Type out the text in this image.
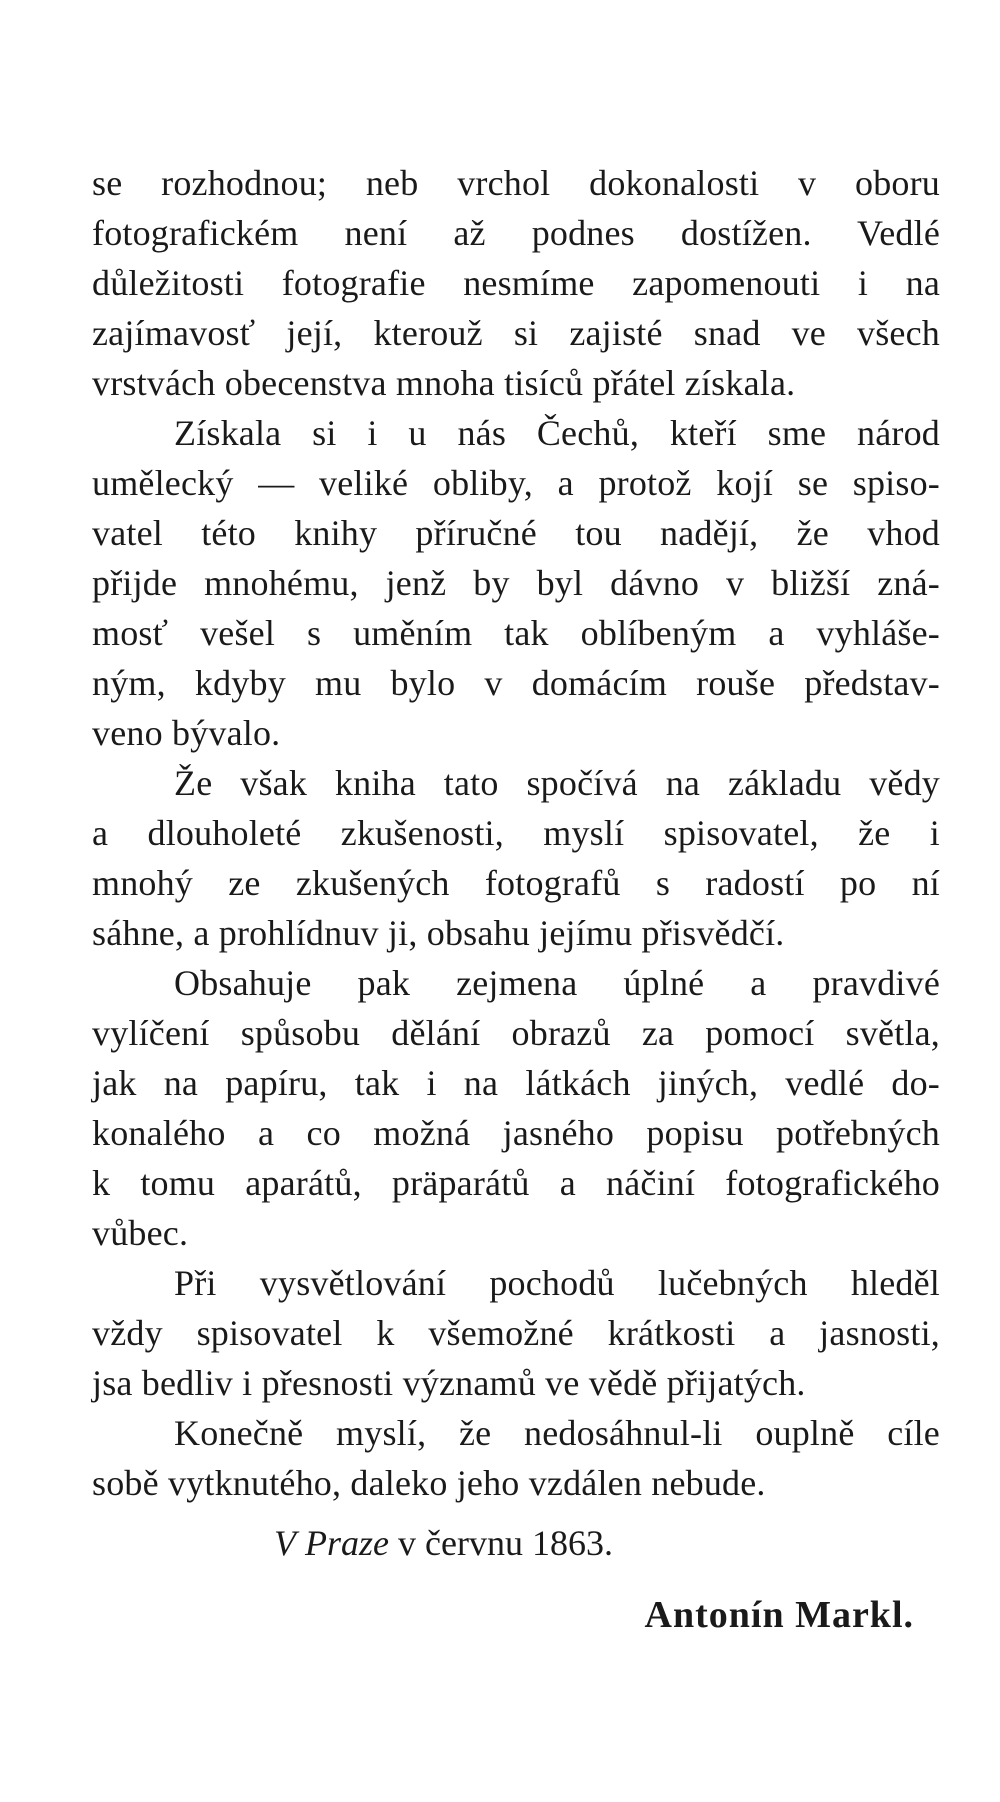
se rozhodnou; neb vrchol dokonalosti v oboru

fotografickém není až podnes dostížen. Vedlé

důležitosti fotografie nesmíme zapomenouti i na

zajímavosť její, kterouž si zajisté snad ve všech

vrstvách obecenstva mnoha tisíců přátel získala.

Získala si i u nás Čechů, kteří sme národ

umělecký — veliké obliby, a protož kojí se spiso-

vatel této knihy příručné tou nadějí, že vhod

přijde mnohému, jenž by byl dávno v bližší zná-

mosť vešel s uměním tak oblíbeným a vyhláše-

ným, kdyby mu bylo v domácím rouše představ-

veno bývalo.

Že však kniha tato spočívá na základu vědy

a dlouholeté zkušenosti, myslí spisovatel, že i

mnohý ze zkušených fotografů s radostí po ní

sáhne, a prohlídnuv ji, obsahu jejímu přisvědčí.

Obsahuje pak zejmena úplné a pravdivé

vylíčení spůsobu dělání obrazů za pomocí světla,

jak na papíru, tak i na látkách jiných, vedlé do-

konalého a co možná jasného popisu potřebných

k tomu aparátů, präparátů a náčiní fotografického

vůbec.

Při vysvětlování pochodů lučebných hleděl

vždy spisovatel k všemožné krátkosti a jasnosti,

jsa bedliv i přesnosti významů ve vědě přijatých.

Konečně myslí, že nedosáhnul-li ouplně cíle

sobě vytknutého, daleko jeho vzdálen nebude.

V Praze v červnu 1863.
Antonín Markl.
